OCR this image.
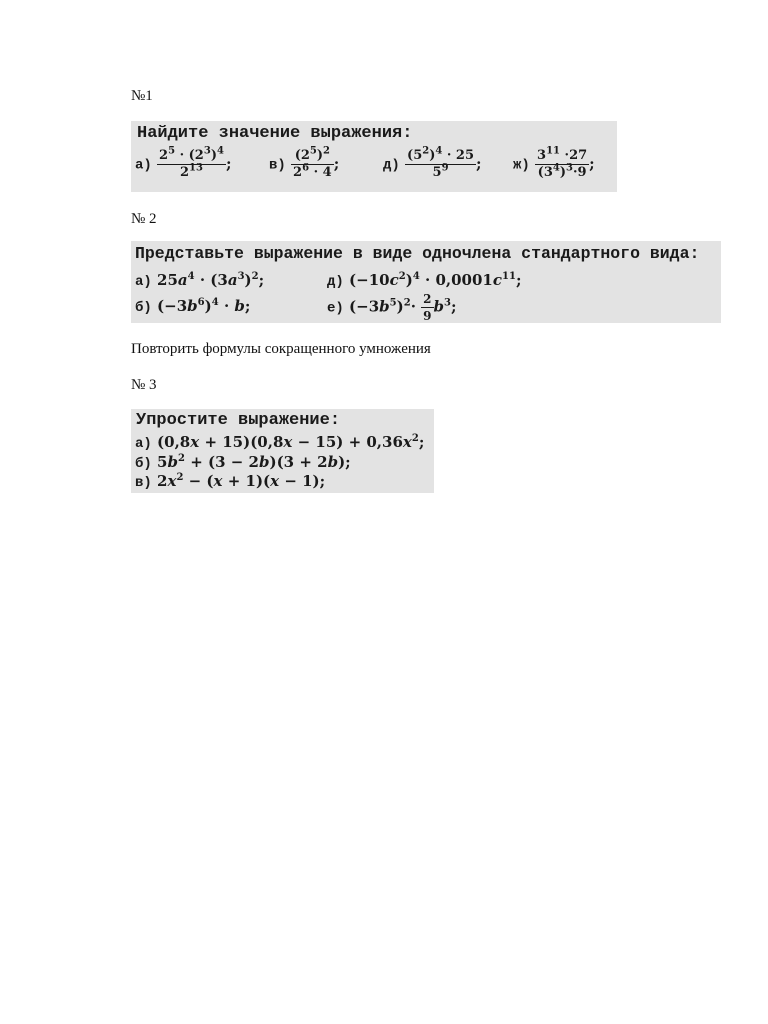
№1
Найдите значение выражения:
$а) \frac{2^5 \cdot (2^3)^4}{2^{13}}$ ;	$в) \frac{(2^5)^2}{2^6 \cdot 4}$ ;	$д) \frac{(5^2)^4 \cdot 25}{5^9}$ ; $ж) \frac{3^{11} \cdot 27}{(3^4)^3\cdot 9}$ ;
№ 2
Представьте выражение в виде одночлена стандартного вида:
а) $25a^4 \cdot (3a^3)^2$;	д) $(-10c^2)^4 \cdot 0,0001c^{11}$;
б) $(-3b^6)^4 \cdot b$;	е) $(-3b^5)^2\cdot \frac{2}{9} b^3$;
Повторить формулы сокращенного умножения
№ 3
Упростите выражение:
а) $(0,8x + 15)(0,8x - 15) + 0,36x^2$;
б) $5b^2 + (3 - 2b)(3 + 2b)$;
в) $2x^2 - (x + 1)(x - 1)$;
